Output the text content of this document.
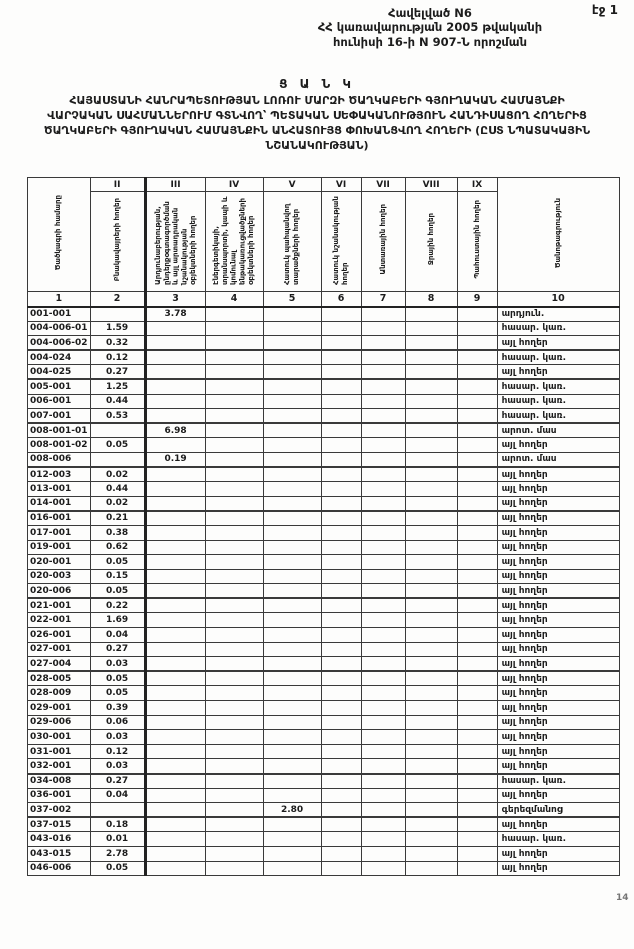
էջ 1
Հավելված N6
ՀՀ կառավարության 2005 թվականի
հունիսի 16-ի N 907-Ն որոշման
Ց Ա Ն Կ
ՀԱՅԱՍՏԱՆԻ ՀԱՆՐԱՊԵՏՈՒԹՅԱՆ ԼՈՌՈՒ ՄԱՐԶԻ ԾԱՂԿԱԲԵՐԻ ԳՅՈՒՂԱԿԱՆ ՀԱՄԱՅՆՔԻ
ՎԱՐՉԱԿԱՆ ՍԱՀՄԱՆՆԵՐՈՒՄ ԳՏՆՎՈՂ՝ ՊԵՏԱԿԱՆ ՍԵՓԱԿԱՆՈՒԹՅՈՒՆ ՀԱՆԴԻՍԱՑՈՂ ՀՈՂԵՐԻՑ
ԾԱՂԿԱԲԵՐԻ ԳՅՈՒՂԱԿԱՆ ՀԱՄԱՅՆՔԻՆ ԱՆՀԱՏՈՒՅՑ ՓՈԽԱՆՑՎՈՂ ՀՈՂԵՐԻ (ԸՍՏ ՆՊԱՏԱԿԱՅԻՆ
ՆՇԱՆԱԿՈՒԹՅԱՆ)
Ծածկագրի համարը	II	III	IV	V	VI	VII	VIII	IX	Ծանոթագրություն
	Բնակավայրերի հողեր	Արդյունաբերության, ընդերքօգտագործման և այլ արտադրական նշանակության օբյեկտների հողեր	Էներգետիկայի, տրանսպորտի, կապի և կոմունալ ենթակառուցվածքների օբյեկտների հողեր	Հատուկ պահպանվող տարածքների հողեր	Հատուկ նշանակության հողեր	Անտառային հողեր	Ջրային հողեր	Պահուստային հողեր	
1	2	3	4	5	6	7	8	9	10
001-001		3.78							արդյուն.
004-006-01	1.59								հասար. կառ.
004-006-02	0.32								այլ հողեր
004-024	0.12								հասար. կառ.
004-025	0.27								այլ հողեր
005-001	1.25								հասար. կառ.
006-001	0.44								հասար. կառ.
007-001	0.53								հասար. կառ.
008-001-01		6.98							արոտ. մաս
008-001-02	0.05								այլ հողեր
008-006		0.19							արոտ. մաս
012-003	0.02								այլ հողեր
013-001	0.44								այլ հողեր
014-001	0.02								այլ հողեր
016-001	0.21								այլ հողեր
017-001	0.38								այլ հողեր
019-001	0.62								այլ հողեր
020-001	0.05								այլ հողեր
020-003	0.15								այլ հողեր
020-006	0.05								այլ հողեր
021-001	0.22								այլ հողեր
022-001	1.69								այլ հողեր
026-001	0.04								այլ հողեր
027-001	0.27								այլ հողեր
027-004	0.03								այլ հողեր
028-005	0.05								այլ հողեր
028-009	0.05								այլ հողեր
029-001	0.39								այլ հողեր
029-006	0.06								այլ հողեր
030-001	0.03								այլ հողեր
031-001	0.12								այլ հողեր
032-001	0.03								այլ հողեր
034-008	0.27								հասար. կառ.
036-001	0.04								այլ հողեր
037-002				2.80					գերեզմանոց
037-015	0.18								այլ հողեր
043-016	0.01								հասար. կառ.
043-015	2.78								այլ հողեր
046-006	0.05								այլ հողեր
14
